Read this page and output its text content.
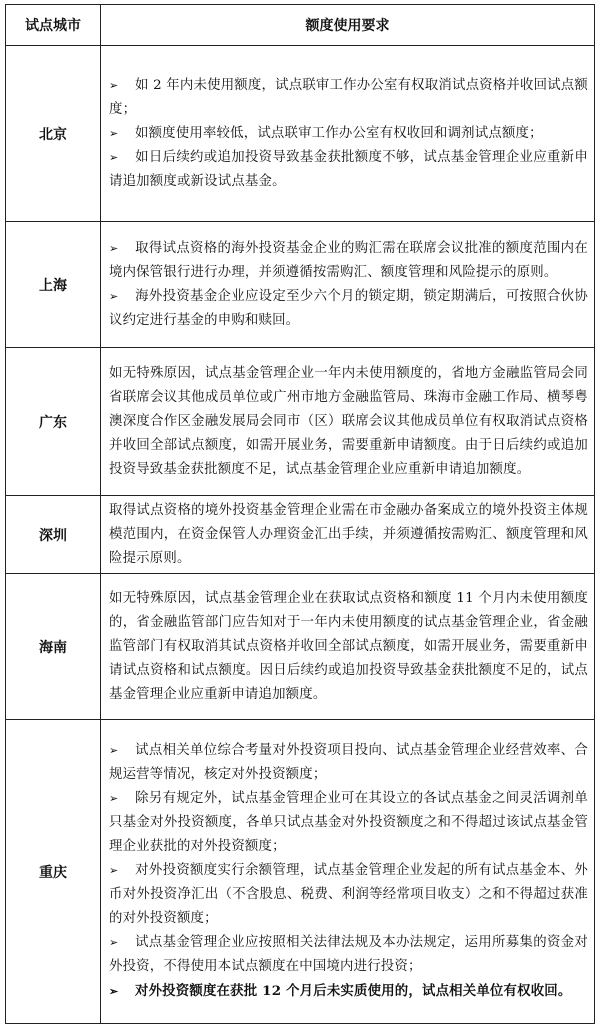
试点城市	额度使用要求
北京	➢ 如 2 年内未使用额度，试点联审工作办公室有权取消试点资格并收回试点额度；
➢ 如额度使用率较低，试点联审工作办公室有权收回和调剂试点额度；
➢ 如日后续约或追加投资导致基金获批额度不够，试点基金管理企业应重新申请追加额度或新设试点基金。

上海	➢ 取得试点资格的海外投资基金企业的购汇需在联席会议批准的额度范围内在境内保管银行进行办理，并须遵循按需购汇、额度管理和风险提示的原则。
➢ 海外投资基金企业应设定至少六个月的锁定期，锁定期满后，可按照合伙协议约定进行基金的申购和赎回。

广东	如无特殊原因，试点基金管理企业一年内未使用额度的，省地方金融监管局会同省联席会议其他成员单位或广州市地方金融监管局、珠海市金融工作局、横琴粤澳深度合作区金融发展局会同市（区）联席会议其他成员单位有权取消试点资格并收回全部试点额度，如需开展业务，需要重新申请额度。由于日后续约或追加投资导致基金获批额度不足，试点基金管理企业应重新申请追加额度。
深圳	取得试点资格的境外投资基金管理企业需在市金融办备案成立的境外投资主体规模范围内，在资金保管人办理资金汇出手续，并须遵循按需购汇、额度管理和风险提示原则。
海南	如无特殊原因，试点基金管理企业在获取试点资格和额度 11 个月内未使用额度的，省金融监管部门应告知对于一年内未使用额度的试点基金管理企业，省金融监管部门有权取消其试点资格并收回全部试点额度，如需开展业务，需要重新申请试点资格和试点额度。因日后续约或追加投资导致基金获批额度不足的，试点基金管理企业应重新申请追加额度。
重庆	➢ 试点相关单位综合考量对外投资项目投向、试点基金管理企业经营效率、合规运营等情况，核定对外投资额度；
➢ 除另有规定外，试点基金管理企业可在其设立的各试点基金之间灵活调剂单只基金对外投资额度，各单只试点基金对外投资额度之和不得超过该试点基金管理企业获批的对外投资额度；
➢ 对外投资额度实行余额管理，试点基金管理企业发起的所有试点基金本、外币对外投资净汇出（不含股息、税费、利润等经常项目收支）之和不得超过获准的对外投资额度；
➢ 试点基金管理企业应按照相关法律法规及本办法规定，运用所募集的资金对外投资，不得使用本试点额度在中国境内进行投资；
➢ 对外投资额度在获批 12 个月后未实质使用的，试点相关单位有权收回。
